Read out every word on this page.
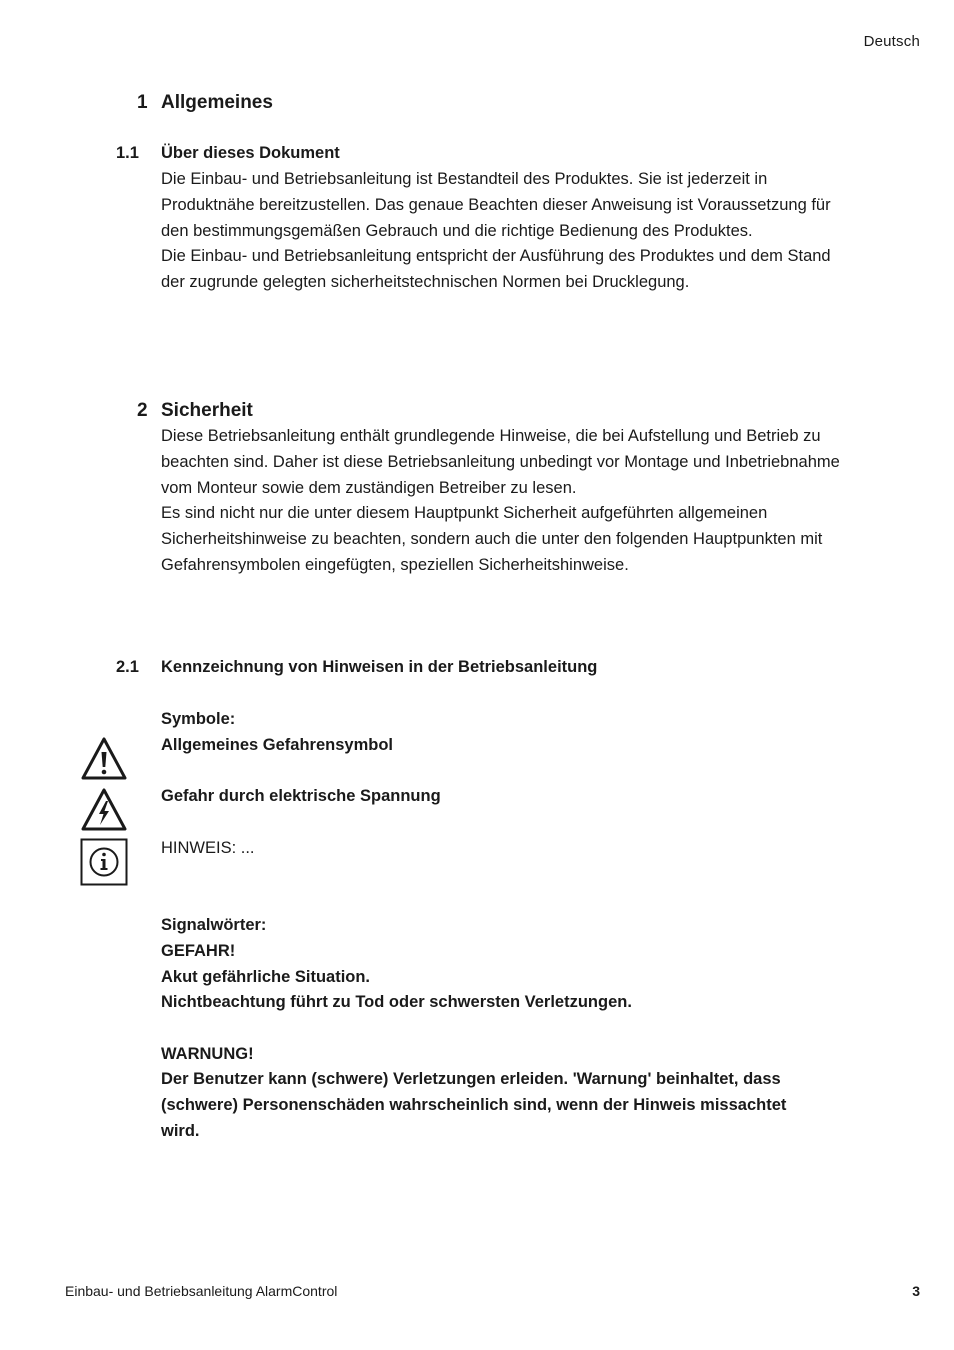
Deutsch
1 Allgemeines
1.1 Über dieses Dokument

Die Einbau- und Betriebsanleitung ist Bestandteil des Produktes. Sie ist jederzeit in Produktnähe bereitzustellen. Das genaue Beachten dieser Anweisung ist Voraussetzung für den bestimmungsgemäßen Gebrauch und die richtige Bedienung des Produktes.

Die Einbau- und Betriebsanleitung entspricht der Ausführung des Produktes und dem Stand der zugrunde gelegten sicherheitstechnischen Normen bei Drucklegung.

2 Sicherheit

Diese Betriebsanleitung enthält grundlegende Hinweise, die bei Aufstellung und Betrieb zu beachten sind. Daher ist diese Betriebsanleitung unbedingt vor Montage und Inbetriebnahme vom Monteur sowie dem zuständigen Betreiber zu lesen.

Es sind nicht nur die unter diesem Hauptpunkt Sicherheit aufgeführten allgemeinen Sicherheitshinweise zu beachten, sondern auch die unter den folgenden Hauptpunkten mit Gefahrensymbolen eingefügten, speziellen Sicherheitshinweise.

2.1 Kennzeichnung von Hinweisen in der Betriebsanleitung
Symbole:
Allgemeines Gefahrensymbol
Gefahr durch elektrische Spannung
HINWEIS: ...
Signalwörter:
GEFAHR!
Akut gefährliche Situation.
Nichtbeachtung führt zu Tod oder schwersten Verletzungen.
WARNUNG!
Der Benutzer kann (schwere) Verletzungen erleiden. 'Warnung' beinhaltet, dass (schwere) Personenschäden wahrscheinlich sind, wenn der Hinweis missachtet wird.
Einbau- und Betriebsanleitung AlarmControl	3
